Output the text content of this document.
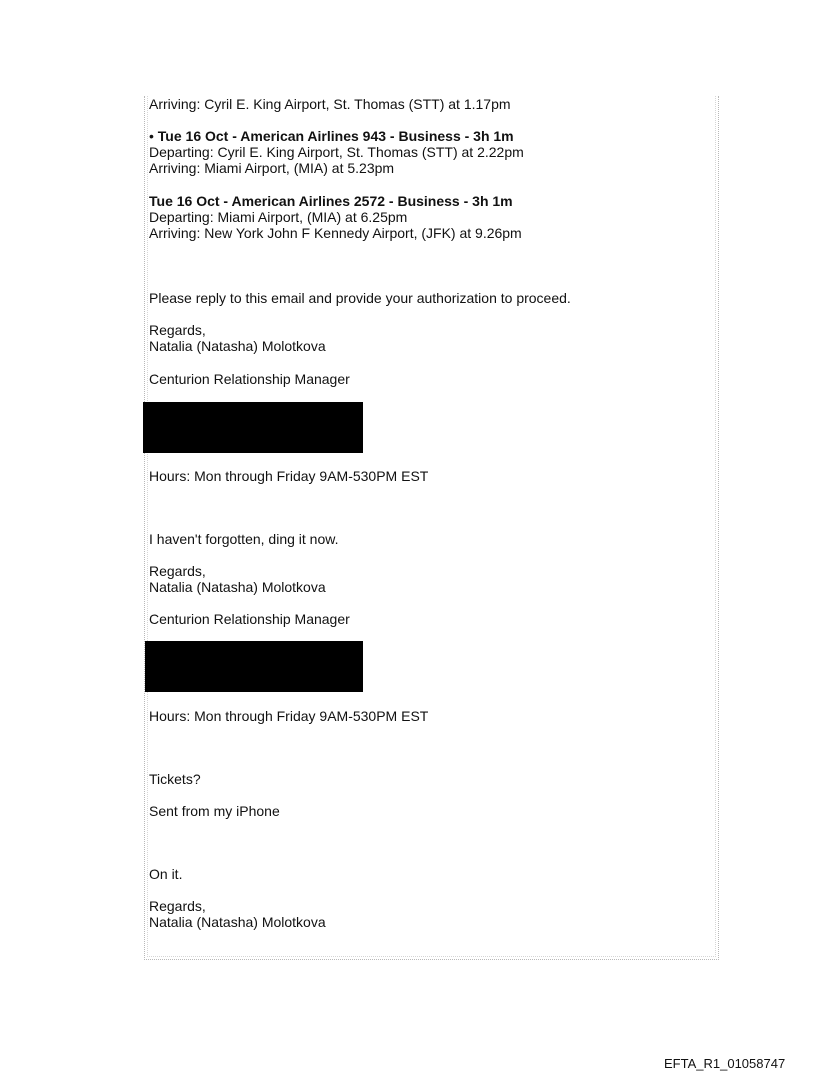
Arriving: Cyril E. King Airport, St. Thomas (STT) at 1.17pm
• Tue 16 Oct - American Airlines 943 - Business - 3h 1m
Departing: Cyril E. King Airport, St. Thomas (STT) at 2.22pm
Arriving: Miami Airport, (MIA) at 5.23pm
Tue 16 Oct - American Airlines 2572 - Business - 3h 1m
Departing: Miami Airport, (MIA) at 6.25pm
Arriving: New York John F Kennedy Airport, (JFK) at 9.26pm
Please reply to this email and provide your authorization to proceed.
Regards,
Natalia (Natasha) Molotkova
Centurion Relationship Manager
Hours: Mon through Friday 9AM-530PM EST
I haven't forgotten, ding it now.
Regards,
Natalia (Natasha) Molotkova
Centurion Relationship Manager
Hours: Mon through Friday 9AM-530PM EST
Tickets?
Sent from my iPhone
On it.
Regards,
Natalia (Natasha) Molotkova
EFTA_R1_01058747
